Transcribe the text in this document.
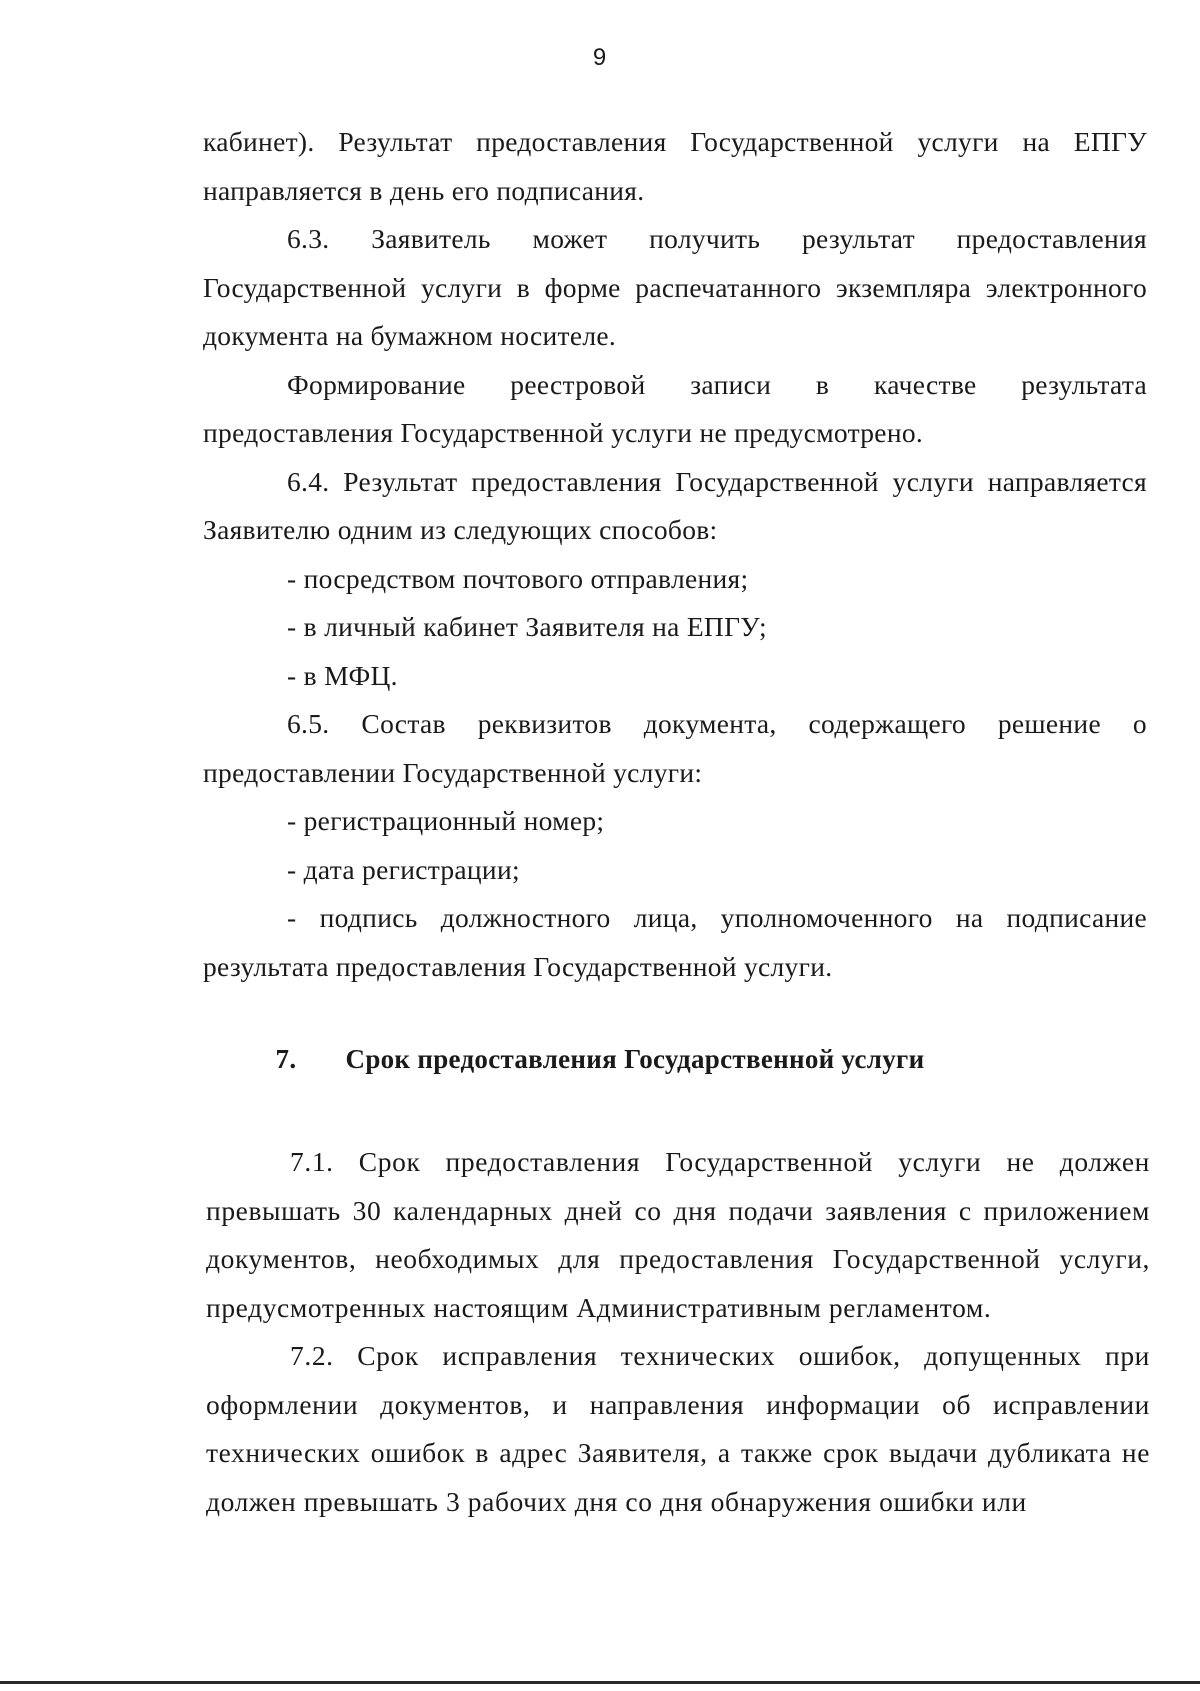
9

кабинет). Результат предоставления Государственной услуги на ЕПГУ направляется в день его подписания.

6.3. Заявитель может получить результат предоставления Государственной услуги в форме распечатанного экземпляра электронного документа на бумажном носителе.

Формирование реестровой записи в качестве результата предоставления Государственной услуги не предусмотрено.

6.4. Результат предоставления Государственной услуги направляется Заявителю одним из следующих способов:

- посредством почтового отправления;

- в личный кабинет Заявителя на ЕПГУ;

- в МФЦ.

6.5. Состав реквизитов документа, содержащего решение о предоставлении Государственной услуги:

- регистрационный номер;

- дата регистрации;

- подпись должностного лица, уполномоченного на подписание результата предоставления Государственной услуги.

7. Срок предоставления Государственной услуги

7.1. Срок предоставления Государственной услуги не должен превышать 30 календарных дней со дня подачи заявления с приложением документов, необходимых для предоставления Государственной услуги, предусмотренных настоящим Административным регламентом.

7.2. Срок исправления технических ошибок, допущенных при оформлении документов, и направления информации об исправлении технических ошибок в адрес Заявителя, а также срок выдачи дубликата не должен превышать 3 рабочих дня со дня обнаружения ошибки или
